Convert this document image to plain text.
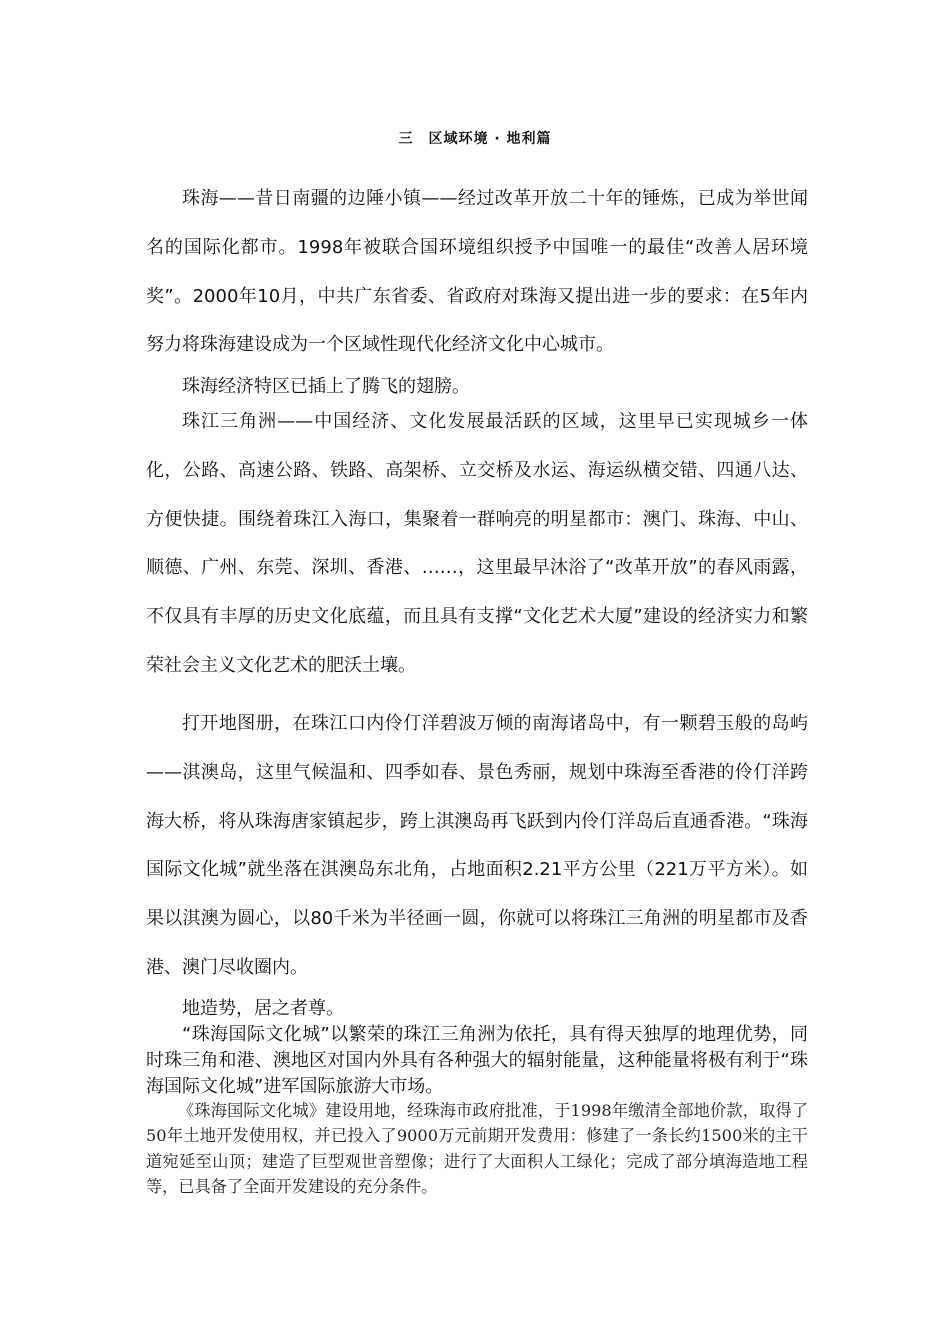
三　区域环境 · 地利篇

珠海——昔日南疆的边陲小镇——经过改革开放二十年的锤炼，已成为举世闻名的国际化都市。1998年被联合国环境组织授予中国唯一的最佳“改善人居环境奖”。2000年10月，中共广东省委、省政府对珠海又提出进一步的要求：在5年内努力将珠海建设成为一个区域性现代化经济文化中心城市。

珠海经济特区已插上了腾飞的翅膀。

珠江三角洲——中国经济、文化发展最活跃的区域，这里早已实现城乡一体化，公路、高速公路、铁路、高架桥、立交桥及水运、海运纵横交错、四通八达、方便快捷。围绕着珠江入海口，集聚着一群响亮的明星都市：澳门、珠海、中山、顺德、广州、东莞、深圳、香港、……，这里最早沐浴了“改革开放”的春风雨露，不仅具有丰厚的历史文化底蕴，而且具有支撑“文化艺术大厦”建设的经济实力和繁荣社会主义文化艺术的肥沃土壤。

打开地图册，在珠江口内伶仃洋碧波万倾的南海诸岛中，有一颗碧玉般的岛屿——淇澳岛，这里气候温和、四季如春、景色秀丽，规划中珠海至香港的伶仃洋跨海大桥，将从珠海唐家镇起步，跨上淇澳岛再飞跃到内伶仃洋岛后直通香港。“珠海国际文化城”就坐落在淇澳岛东北角，占地面积2.21平方公里（221万平方米）。如果以淇澳为圆心，以80千米为半径画一圆，你就可以将珠江三角洲的明星都市及香港、澳门尽收圈内。

地造势，居之者尊。

“珠海国际文化城”以繁荣的珠江三角洲为依托，具有得天独厚的地理优势，同时珠三角和港、澳地区对国内外具有各种强大的辐射能量，这种能量将极有利于“珠海国际文化城”进军国际旅游大市场。

《珠海国际文化城》建设用地，经珠海市政府批准，于1998年缴清全部地价款，取得了50年土地开发使用权，并已投入了9000万元前期开发费用：修建了一条长约1500米的主干道宛延至山顶；建造了巨型观世音塑像；进行了大面积人工绿化；完成了部分填海造地工程等，已具备了全面开发建设的充分条件。
